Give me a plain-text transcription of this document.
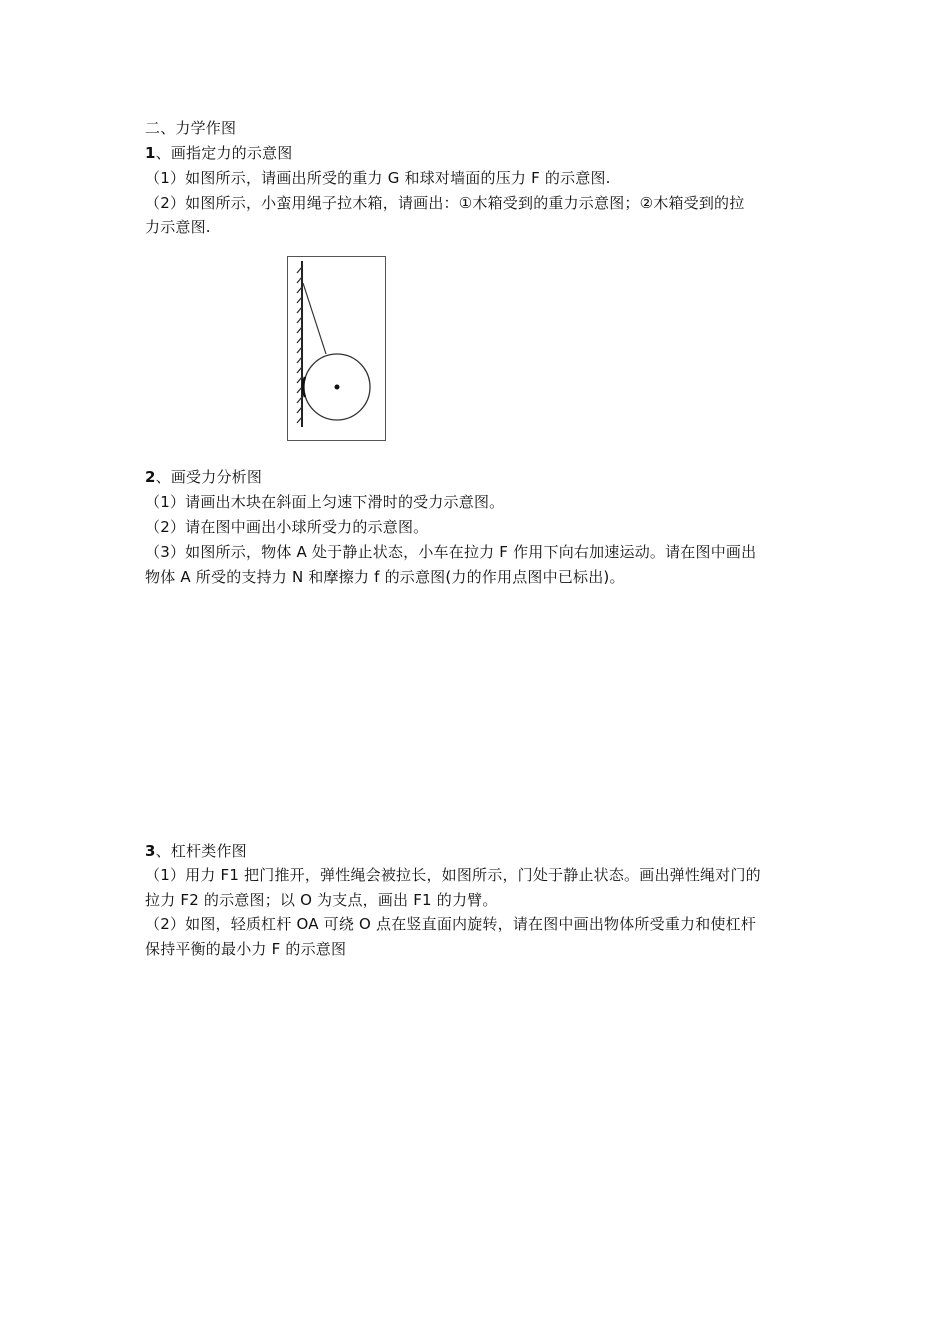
二、力学作图
1、画指定力的示意图
（1）如图所示，请画出所受的重力 G 和球对墙面的压力 F 的示意图.
（2）如图所示，小蛮用绳子拉木箱，请画出：①木箱受到的重力示意图；②木箱受到的拉
力示意图.
2、画受力分析图
（1）请画出木块在斜面上匀速下滑时的受力示意图。
（2）请在图中画出小球所受力的示意图。
（3）如图所示，物体 A 处于静止状态，小车在拉力 F 作用下向右加速运动。请在图中画出
物体 A 所受的支持力 N 和摩擦力 f 的示意图(力的作用点图中已标出)。
3、杠杆类作图
（1）用力 F1 把门推开，弹性绳会被拉长，如图所示，门处于静止状态。画出弹性绳对门的
拉力 F2 的示意图；以 O 为支点，画出 F1 的力臂。
（2）如图，轻质杠杆 OA 可绕 O 点在竖直面内旋转，请在图中画出物体所受重力和使杠杆
保持平衡的最小力 F 的示意图
